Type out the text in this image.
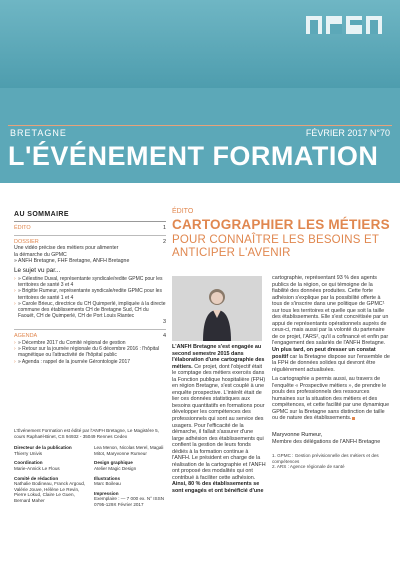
BRETAGNE	FÉVRIER 2017 N°70
L'ÉVÉNEMENT FORMATION
AU SOMMAIRE
ÉDITO	1
DOSSIER	2
Une vidéo précise des métiers pour alimenter
la démarche du GPMC
» ANFH Bretagne, FHF Bretagne, ANFH Bretagne
Le sujet vu par...
› » Célestine Duval, représentante syndicale/redite GPMC pour les territoires de santé 3 et 4
› » Brigitte Rumeur, représentante syndicale/redite GPMC pour les territoires de santé 1 et 4
› » Carole Brieuc, directrice du CH Quimperlé, impliquée à la directe commune des établissements CH de Bretagne Sud, CH du Faouët, CH de Quimperlé, CH de Port Louis Riantec
3
AGENDA	4
› » Décembre 2017 du Comité régional de gestion
› » Retour sur la journée régionale du 6 décembre 2016 : l'hôpital magnétique ou l'attractivité de l'hôpital public
› » Agenda : rappel de la journée Gérontologie 2017
L'Événement Formation est édité par l'ANFH Bretagne, Le Magistère 5, cours Raphaël-Binet, CS 94932 - 35049 Rennes Cedex
Directeur de la publication
Thierry Univis
Lea Menon, Nicolas Merel, Magali Mitot, Maryvonne Rumeur
Coordination
Marie-Annick Le Flous
Design graphique
Atelier Magic Design
Comité de rédaction
Nathalie Bodineau, Franck Argoud, Valérie Jouve, Hélène Le Revin, Pierre Lokud, Claire Le Guen, Bernard Maher
Illustrations
Marc Boileau
Impression
Exemplaire : — 7 000 ex. N° ISSN 0795-129X Février 2017
ÉDITO
CARTOGRAPHIER LES MÉTIERS
POUR CONNAÎTRE LES BESOINS ET ANTICIPER L'AVENIR
L'ANFH Bretagne s'est engagée au second semestre 2015 dans l'élaboration d'une cartographie des métiers. Ce projet, dont l'objectif était le comptage des métiers exercés dans la Fonction publique hospitalière (FPH) en région Bretagne, s'est couplé à une enquête prospective. L'intérêt était de lier ces données statistiques aux besoins quantitatifs en formations pour développer les compétences des professionnels qui sont au service des usagers. Pour l'efficacité de la démarche, il fallait s'assurer d'une large adhésion des établissements qui confient la gestion de leurs fonds dédiés à la formation continue à l'ANFH. Le président en charge de la réalisation de la cartographie et l'ANFH ont proposé des modalités qui ont contribué à faciliter cette adhésion. Ainsi, 80 % des établissements se sont engagés et ont bénéficié d'une
cartographie, représentant 93 % des agents publics de la région, ce qui témoigne de la fiabilité des données produites. Cette forte adhésion s'explique par la possibilité offerte à tous de s'inscrire dans une politique de GPMC¹ sur tous les territoires et quelle que soit la taille des établissements. Elle s'est concrétisée par un appui de représentants opérationnels auprès de ceux-ci, mais aussi par la volonté du partenaire de ce projet, l'ARS², qu'il a cofinancé et enfin par l'engagement des salariés de l'ANFH Bretagne. Un plus tard, on peut dresser un constat positif car la Bretagne dispose sur l'ensemble de la FPH de données solides qui devront être régulièrement actualisées.
La cartographie a permis aussi, au travers de l'enquête « Prospective métiers », de prendre le pouls des professionnels des ressources humaines sur la situation des métiers et des compétences, et cette facilité par une dynamique GPMC sur la Bretagne sans distinction de taille ou de nature des établissements.
Maryvonne Rumeur,
Membre des délégations de l'ANFH Bretagne
1. GPMC : Gestion prévisionnelle des métiers et des compétences
2. ARS : Agence régionale de santé
